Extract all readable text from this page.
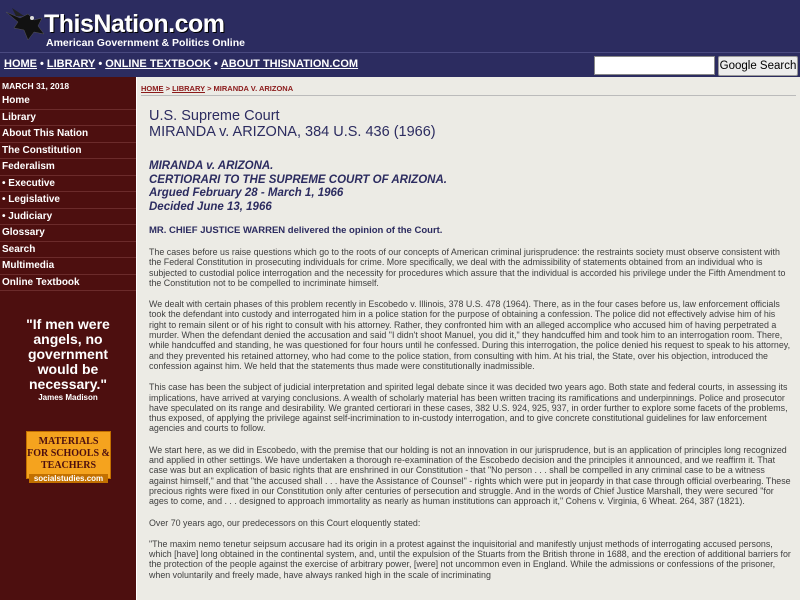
ThisNation.com
American Government & Politics Online
HOME • LIBRARY • ONLINE TEXTBOOK • ABOUT THISNATION.COM	Google Search
MARCH 31, 2018
Home
Library
About This Nation
The Constitution
Federalism
• Executive
• Legislative
• Judiciary
Glossary
Search
Multimedia
Online Textbook
"If men were angels, no government would be necessary."
James Madison
MATERIALS
FOR SCHOOLS & TEACHERS
socialstudies.com
HOME > LIBRARY > MIRANDA V. ARIZONA
U.S. Supreme Court
MIRANDA v. ARIZONA, 384 U.S. 436 (1966)
MIRANDA v. ARIZONA.
CERTIORARI TO THE SUPREME COURT OF ARIZONA.
Argued February 28 - March 1, 1966
Decided June 13, 1966
MR. CHIEF JUSTICE WARREN delivered the opinion of the Court.

The cases before us raise questions which go to the roots of our concepts of American criminal jurisprudence: the restraints society must observe consistent with the Federal Constitution in prosecuting individuals for crime. More specifically, we deal with the admissibility of statements obtained from an individual who is subjected to custodial police interrogation and the necessity for procedures which assure that the individual is accorded his privilege under the Fifth Amendment to the Constitution not to be compelled to incriminate himself.

We dealt with certain phases of this problem recently in Escobedo v. Illinois, 378 U.S. 478 (1964). There, as in the four cases before us, law enforcement officials took the defendant into custody and interrogated him in a police station for the purpose of obtaining a confession. The police did not effectively advise him of his right to remain silent or of his right to consult with his attorney. Rather, they confronted him with an alleged accomplice who accused him of having perpetrated a murder. When the defendant denied the accusation and said "I didn't shoot Manuel, you did it," they handcuffed him and took him to an interrogation room. There, while handcuffed and standing, he was questioned for four hours until he confessed. During this interrogation, the police denied his request to speak to his attorney, and they prevented his retained attorney, who had come to the police station, from consulting with him. At his trial, the State, over his objection, introduced the confession against him. We held that the statements thus made were constitutionally inadmissible.

This case has been the subject of judicial interpretation and spirited legal debate since it was decided two years ago. Both state and federal courts, in assessing its implications, have arrived at varying conclusions. A wealth of scholarly material has been written tracing its ramifications and underpinnings. Police and prosecutor have speculated on its range and desirability. We granted certiorari in these cases, 382 U.S. 924, 925, 937, in order further to explore some facets of the problems, thus exposed, of applying the privilege against self-incrimination to in-custody interrogation, and to give concrete constitutional guidelines for law enforcement agencies and courts to follow.

We start here, as we did in Escobedo, with the premise that our holding is not an innovation in our jurisprudence, but is an application of principles long recognized and applied in other settings. We have undertaken a thorough re-examination of the Escobedo decision and the principles it announced, and we reaffirm it. That case was but an explication of basic rights that are enshrined in our Constitution - that "No person . . . shall be compelled in any criminal case to be a witness against himself," and that "the accused shall . . . have the Assistance of Counsel" - rights which were put in jeopardy in that case through official overbearing. These precious rights were fixed in our Constitution only after centuries of persecution and struggle. And in the words of Chief Justice Marshall, they were secured "for ages to come, and . . . designed to approach immortality as nearly as human institutions can approach it," Cohens v. Virginia, 6 Wheat. 264, 387 (1821).

Over 70 years ago, our predecessors on this Court eloquently stated:

"The maxim nemo tenetur seipsum accusare had its origin in a protest against the inquisitorial and manifestly unjust methods of interrogating accused persons, which [have] long obtained in the continental system, and, until the expulsion of the Stuarts from the British throne in 1688, and the erection of additional barriers for the protection of the people against the exercise of arbitrary power, [were] not uncommon even in England. While the admissions or confessions of the prisoner, when voluntarily and freely made, have always ranked high in the scale of incriminating
